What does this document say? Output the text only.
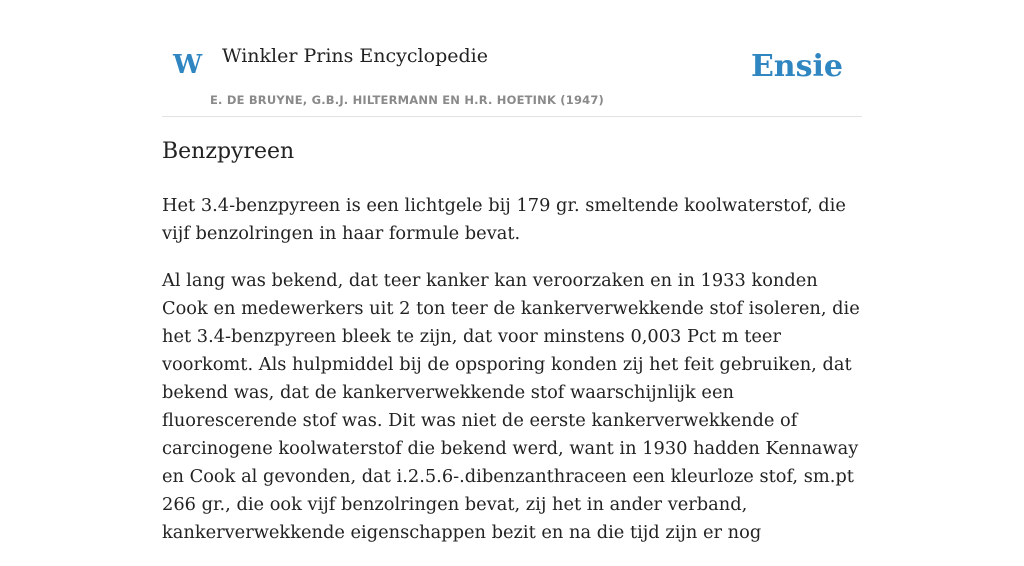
W Winkler Prins Encyclopedie
E. DE BRUYNE, G.B.J. HILTERMANN EN H.R. HOETINK (1947)
Ensie
Benzpyreen

Het 3.4-benzpyreen is een lichtgele bij 179 gr. smeltende koolwaterstof, die vijf benzolringen in haar formule bevat.

Al lang was bekend, dat teer kanker kan veroorzaken en in 1933 konden Cook en medewerkers uit 2 ton teer de kankerverwekkende stof isoleren, die het 3.4-benzpyreen bleek te zijn, dat voor minstens 0,003 Pct m teer voorkomt. Als hulpmiddel bij de opsporing konden zij het feit gebruiken, dat bekend was, dat de kankerverwekkende stof waarschijnlijk een fluorescerende stof was. Dit was niet de eerste kankerverwekkende of carcinogene koolwaterstof die bekend werd, want in 1930 hadden Kennaway en Cook al gevonden, dat i.2.5.6-.dibenzanthraceen een kleurloze stof, sm.pt 266 gr., die ook vijf benzolringen bevat, zij het in ander verband, kankerverwekkende eigenschappen bezit en na die tijd zijn er nog
